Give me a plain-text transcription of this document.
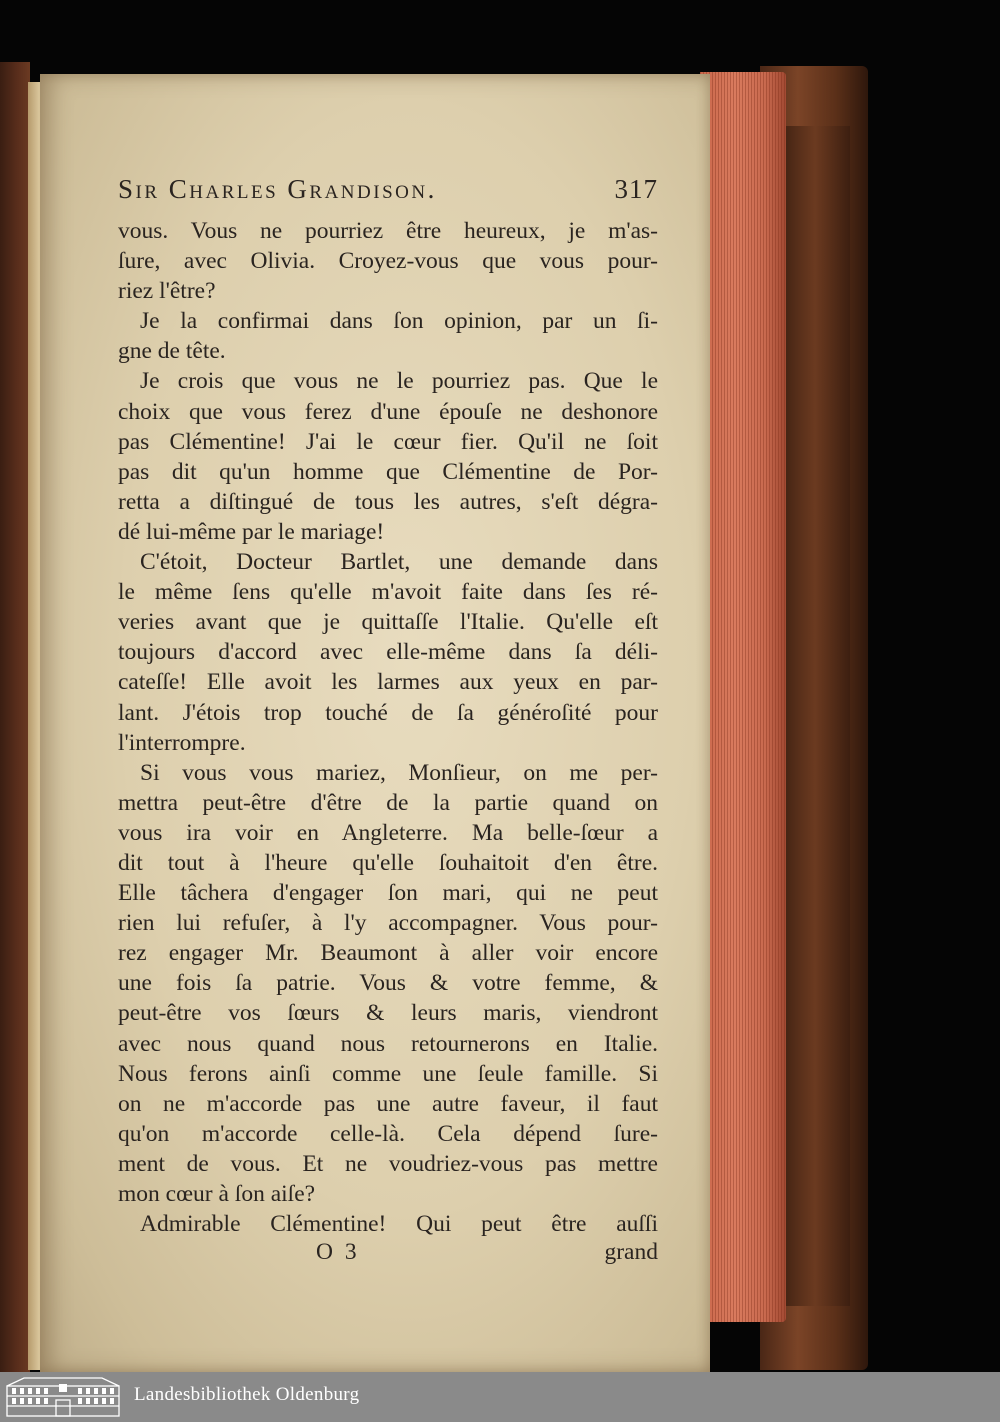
Sir Charles Grandison.	317
vous. Vous ne pourriez être heureux, je m'as-
ſure, avec Olivia. Croyez-vous que vous pour-
riez l'être?
Je la confirmai dans ſon opinion, par un ſi-
gne de tête.
Je crois que vous ne le pourriez pas. Que le
choix que vous ferez d'une épouſe ne deshonore
pas Clémentine! J'ai le cœur fier. Qu'il ne ſoit
pas dit qu'un homme que Clémentine de Por-
retta a diſtingué de tous les autres, s'eſt dégra-
dé lui-même par le mariage!
C'étoit, Docteur Bartlet, une demande dans
le même ſens qu'elle m'avoit faite dans ſes ré-
veries avant que je quittaſſe l'Italie. Qu'elle eſt
toujours d'accord avec elle-même dans ſa déli-
cateſſe! Elle avoit les larmes aux yeux en par-
lant. J'étois trop touché de ſa généroſité pour
l'interrompre.
Si vous vous mariez, Monſieur, on me per-
mettra peut-être d'être de la partie quand on
vous ira voir en Angleterre. Ma belle-ſœur a
dit tout à l'heure qu'elle ſouhaitoit d'en être.
Elle tâchera d'engager ſon mari, qui ne peut
rien lui refuſer, à l'y accompagner. Vous pour-
rez engager Mr. Beaumont à aller voir encore
une fois ſa patrie. Vous & votre femme, &
peut-être vos ſœurs & leurs maris, viendront
avec nous quand nous retournerons en Italie.
Nous ferons ainſi comme une ſeule famille. Si
on ne m'accorde pas une autre faveur, il faut
qu'on m'accorde celle-là. Cela dépend ſure-
ment de vous. Et ne voudriez-vous pas mettre
mon cœur à ſon aiſe?
Admirable Clémentine! Qui peut être auſſi
O 3	grand
Landesbibliothek Oldenburg
